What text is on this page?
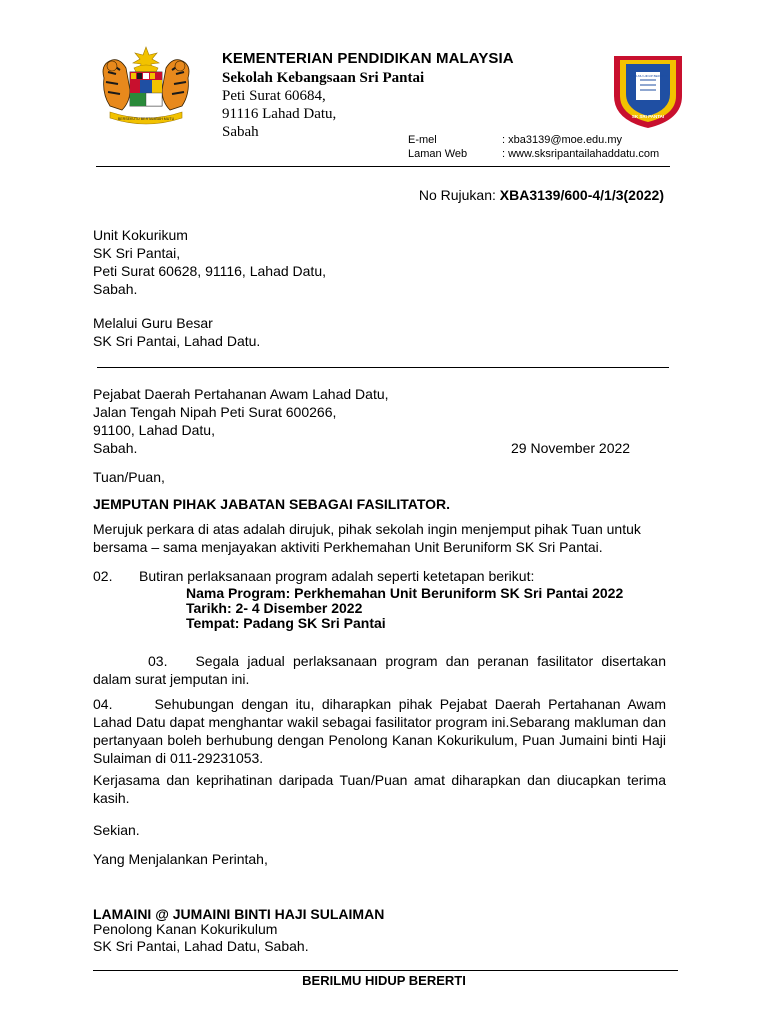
BERSEKUTU BERTAMBAH MUTU
BERILMU HIDUP BERERTI
SK SRI PANTAI
KEMENTERIAN PENDIDIKAN MALAYSIA
Sekolah Kebangsaan Sri Pantai
Peti Surat 60684,
91116 Lahad Datu,
Sabah	E-mel	: xba3139@moe.edu.my
Laman Web	: www.sksripantailahaddatu.com
No Rujukan: XBA3139/600-4/1/3(2022)
Unit Kokurikum
SK Sri Pantai,
Peti Surat 60628, 91116, Lahad Datu,
Sabah.
Melalui Guru Besar
SK Sri Pantai, Lahad Datu.
Pejabat Daerah Pertahanan Awam Lahad Datu,
Jalan Tengah Nipah Peti Surat 600266,
91100, Lahad Datu,
Sabah.	29 November 2022
Tuan/Puan,
JEMPUTAN PIHAK JABATAN SEBAGAI FASILITATOR.
Merujuk perkara di atas adalah dirujuk, pihak sekolah ingin menjemput pihak Tuan untuk bersama – sama menjayakan aktiviti Perkhemahan Unit Beruniform SK Sri Pantai.
02. Butiran perlaksanaan program adalah seperti ketetapan berikut:
Nama Program: Perkhemahan Unit Beruniform SK Sri Pantai 2022
Tarikh: 2- 4 Disember 2022
Tempat: Padang SK Sri Pantai
03.   Segala jadual perlaksanaan program dan peranan fasilitator disertakan dalam surat jemputan ini.
04.   	Sehubungan dengan itu, diharapkan pihak Pejabat Daerah Pertahanan Awam Lahad Datu dapat menghantar wakil sebagai fasilitator program ini.Sebarang makluman dan pertanyaan boleh berhubung dengan Penolong Kanan Kokurikulum, Puan Jumaini binti Haji Sulaiman di 011-29231053.
Kerjasama dan keprihatinan daripada Tuan/Puan amat diharapkan dan diucapkan terima kasih.
Sekian.
Yang Menjalankan Perintah,
LAMAINI @ JUMAINI BINTI HAJI SULAIMAN
Penolong Kanan Kokurikulum
SK Sri Pantai, Lahad Datu, Sabah.
BERILMU HIDUP BERERTI
